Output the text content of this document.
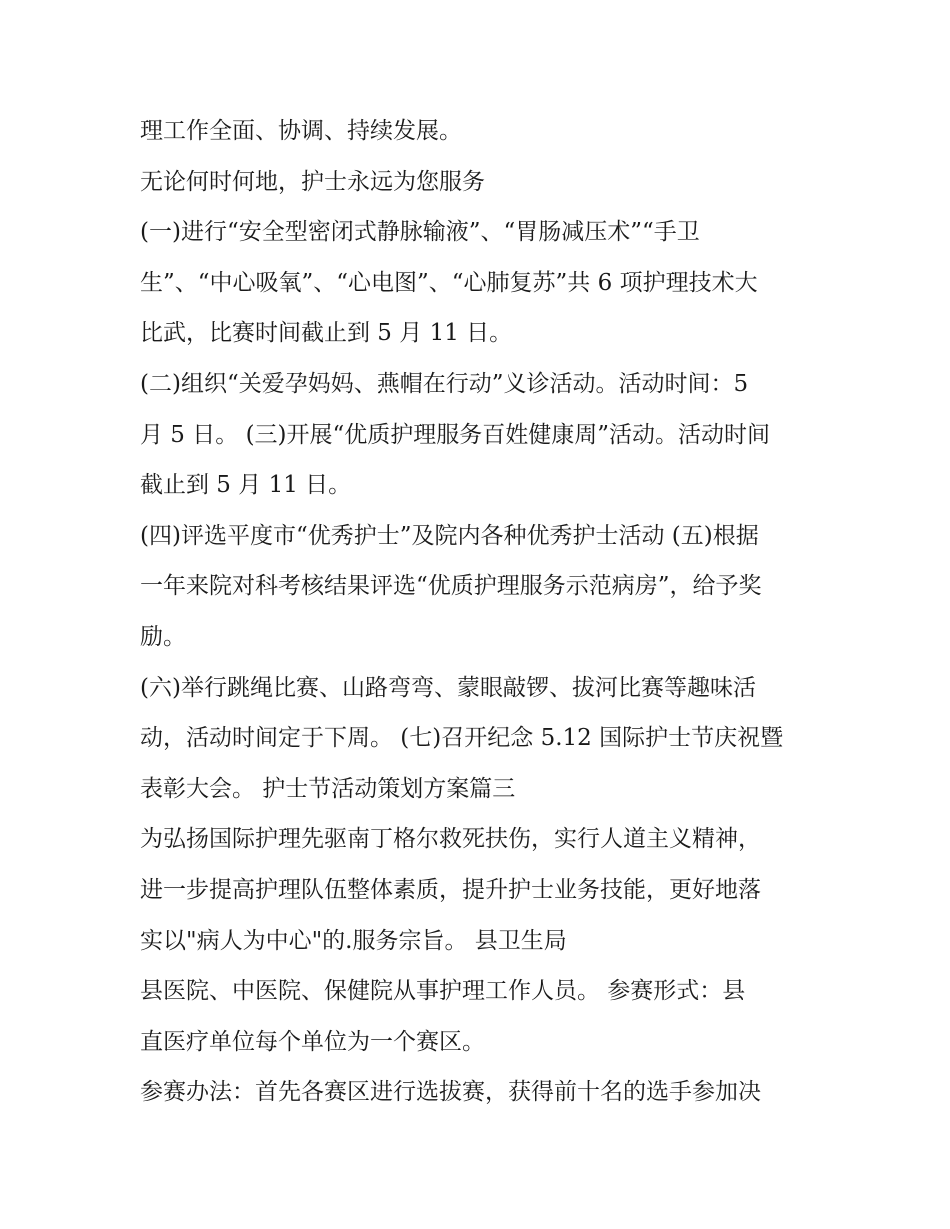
理工作全面、协调、持续发展。
无论何时何地，护士永远为您服务
(一)进行“安全型密闭式静脉输液”、“胃肠减压术”“手卫
生”、“中心吸氧”、“心电图”、“心肺复苏”共 6 项护理技术大
比武，比赛时间截止到 5 月 11 日。
(二)组织“关爱孕妈妈、燕帽在行动”义诊活动。活动时间：5
月 5 日。 (三)开展“优质护理服务百姓健康周”活动。活动时间
截止到 5 月 11 日。
(四)评选平度市“优秀护士”及院内各种优秀护士活动 (五)根据
一年来院对科考核结果评选“优质护理服务示范病房”，给予奖
励。
(六)举行跳绳比赛、山路弯弯、蒙眼敲锣、拔河比赛等趣味活
动，活动时间定于下周。 (七)召开纪念 5.12 国际护士节庆祝暨
表彰大会。 护士节活动策划方案篇三
为弘扬国际护理先驱南丁格尔救死扶伤，实行人道主义精神，
进一步提高护理队伍整体素质，提升护士业务技能，更好地落
实以"病人为中心"的.服务宗旨。 县卫生局
县医院、中医院、保健院从事护理工作人员。 参赛形式：县
直医疗单位每个单位为一个赛区。
参赛办法：首先各赛区进行选拔赛，获得前十名的选手参加决
